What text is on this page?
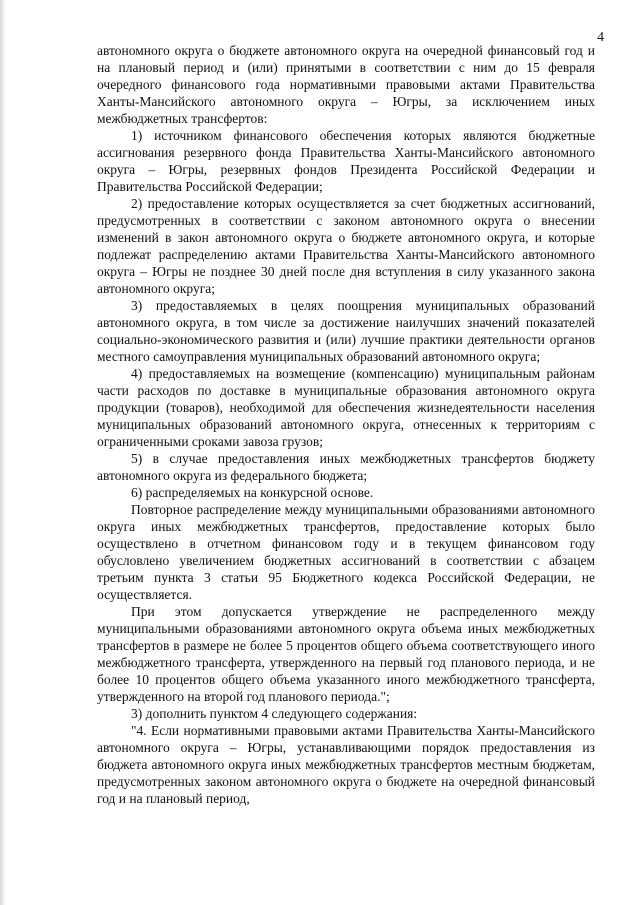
4

автономного округа о бюджете автономного округа на очередной финансовый год и на плановый период и (или) принятыми в соответствии с ним до 15 февраля очередного финансового года нормативными правовыми актами Правительства Ханты-Мансийского автономного округа – Югры, за исключением иных межбюджетных трансфертов:

1) источником финансового обеспечения которых являются бюджетные ассигнования резервного фонда Правительства Ханты-Мансийского автономного округа – Югры, резервных фондов Президента Российской Федерации и Правительства Российской Федерации;

2) предоставление которых осуществляется за счет бюджетных ассигнований, предусмотренных в соответствии с законом автономного округа о внесении изменений в закон автономного округа о бюджете автономного округа, и которые подлежат распределению актами Правительства Ханты-Мансийского автономного округа – Югры не позднее 30 дней после дня вступления в силу указанного закона автономного округа;

3) предоставляемых в целях поощрения муниципальных образований автономного округа, в том числе за достижение наилучших значений показателей социально-экономического развития и (или) лучшие практики деятельности органов местного самоуправления муниципальных образований автономного округа;

4) предоставляемых на возмещение (компенсацию) муниципальным районам части расходов по доставке в муниципальные образования автономного округа продукции (товаров), необходимой для обеспечения жизнедеятельности населения муниципальных образований автономного округа, отнесенных к территориям с ограниченными сроками завоза грузов;

5) в случае предоставления иных межбюджетных трансфертов бюджету автономного округа из федерального бюджета;

6) распределяемых на конкурсной основе.

Повторное распределение между муниципальными образованиями автономного округа иных межбюджетных трансфертов, предоставление которых было осуществлено в отчетном финансовом году и в текущем финансовом году обусловлено увеличением бюджетных ассигнований в соответствии с абзацем третьим пункта 3 статьи 95 Бюджетного кодекса Российской Федерации, не осуществляется.

При этом допускается утверждение не распределенного между муниципальными образованиями автономного округа объема иных межбюджетных трансфертов в размере не более 5 процентов общего объема соответствующего иного межбюджетного трансферта, утвержденного на первый год планового периода, и не более 10 процентов общего объема указанного иного межбюджетного трансферта, утвержденного на второй год планового периода.";

3) дополнить пунктом 4 следующего содержания:

"4. Если нормативными правовыми актами Правительства Ханты-Мансийского автономного округа – Югры, устанавливающими порядок предоставления из бюджета автономного округа иных межбюджетных трансфертов местным бюджетам, предусмотренных законом автономного округа о бюджете на очередной финансовый год и на плановый период,
